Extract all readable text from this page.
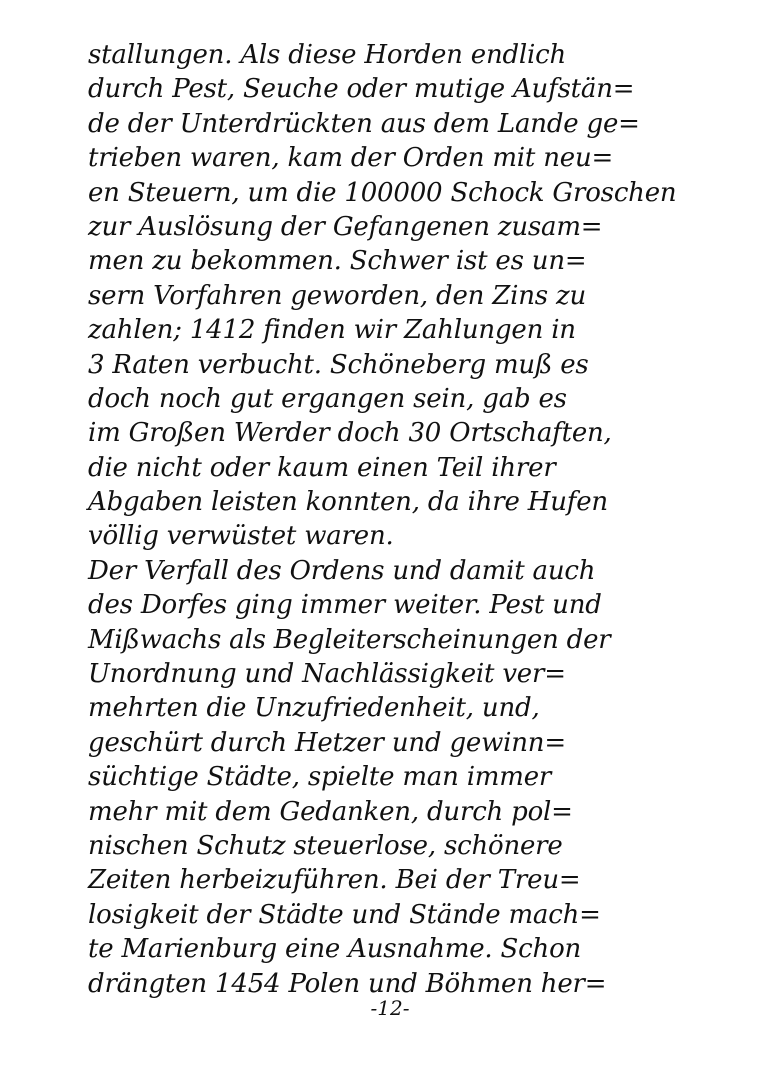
stallungen. Als diese Horden endlich
durch Pest, Seuche oder mutige Aufstän=
de der Unterdrückten aus dem Lande ge=
trieben waren, kam der Orden mit neu=
en Steuern, um die 100000 Schock Groschen
zur Auslösung der Gefangenen zusam=
men zu bekommen. Schwer ist es un=
sern Vorfahren geworden, den Zins zu
zahlen; 1412 finden wir Zahlungen in
3 Raten verbucht. Schöneberg muß es
doch noch gut ergangen sein, gab es
im Großen Werder doch 30 Ortschaften,
die nicht oder kaum einen Teil ihrer
Abgaben leisten konnten, da ihre Hufen
völlig verwüstet waren.
Der Verfall des Ordens und damit auch
des Dorfes ging immer weiter. Pest und
Mißwachs als Begleiterscheinungen der
Unordnung und Nachlässigkeit ver=
mehrten die Unzufriedenheit, und,
geschürt durch Hetzer und gewinn=
süchtige Städte, spielte man immer
mehr mit dem Gedanken, durch pol=
nischen Schutz steuerlose, schönere
Zeiten herbeizuführen. Bei der Treu=
losigkeit der Städte und Stände mach=
te Marienburg eine Ausnahme. Schon
drängten 1454 Polen und Böhmen her=
-12-
